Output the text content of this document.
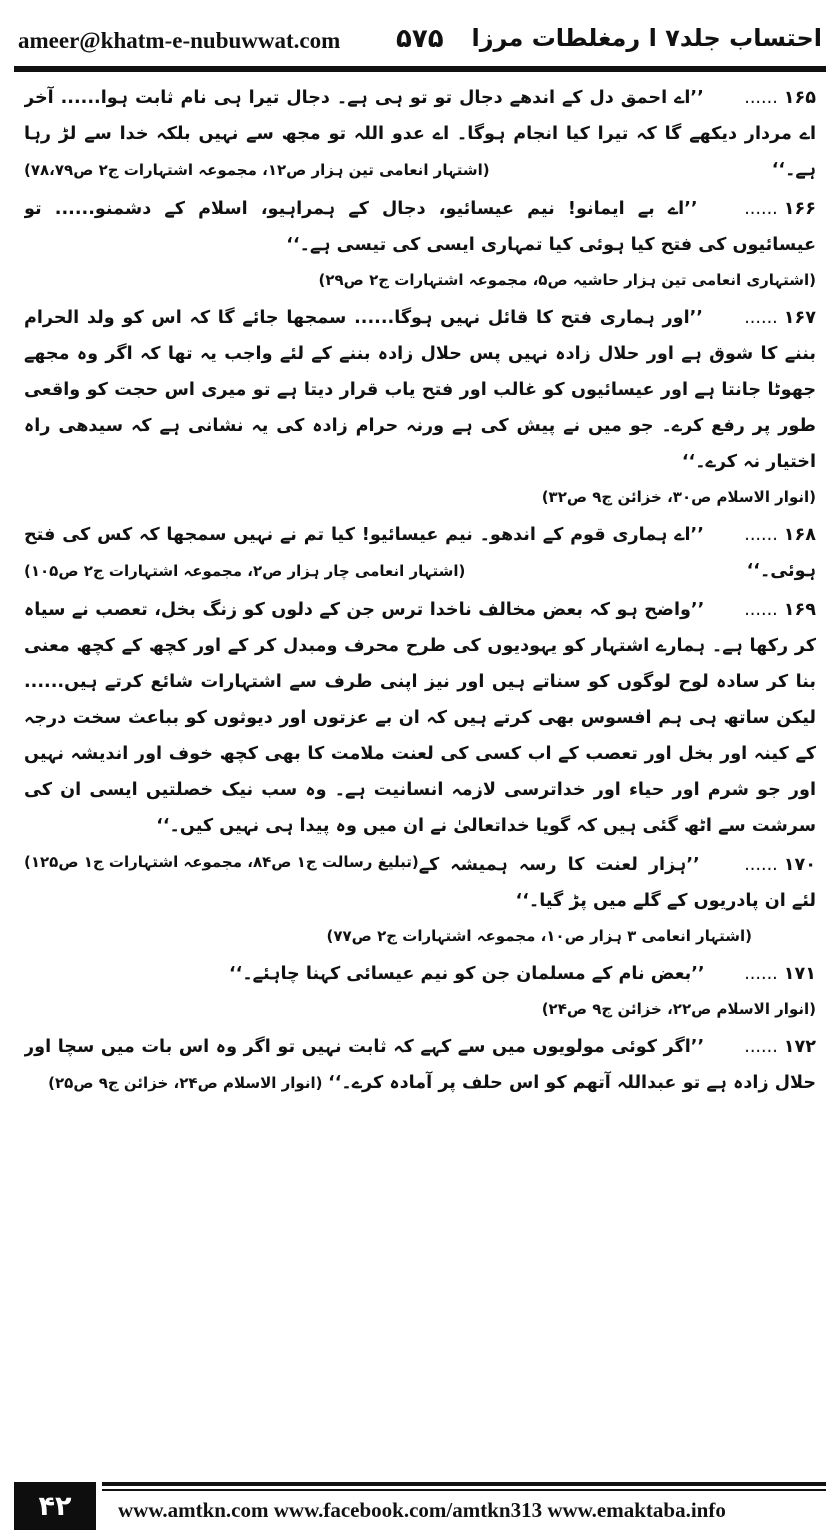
ameer@khatm-e-nubuwwat.com ۵۷۵ احتساب جلد۷ ا رمغلطات مرزا

۱۶۵...... ’’اے احمق دل کے اندھے دجال تو تو ہی ہے۔ دجال تیرا ہی نام ثابت ہوا...... آخر اے مردار دیکھے گا کہ تیرا کیا انجام ہوگا۔ اے عدو اللہ تو مجھ سے نہیں بلکہ خدا سے لڑ رہا ہے۔‘‘
(اشتہار انعامی تین ہزار ص۱۲، مجموعہ اشتہارات ج۲ ص۷۸،۷۹)

۱۶۶...... ’’اے بے ایمانو! نیم عیسائیو، دجال کے ہمراہیو، اسلام کے دشمنو...... تو عیسائیوں کی فتح کیا ہوئی کیا تمہاری ایسی کی تیسی ہے۔‘‘
(اشتہاری انعامی تین ہزار حاشیہ ص۵، مجموعہ اشتہارات ج۲ ص۲۹)

۱۶۷...... ’’اور ہماری فتح کا قائل نہیں ہوگا...... سمجھا جائے گا کہ اس کو ولد الحرام بننے کا شوق ہے اور حلال زادہ نہیں پس حلال زادہ بننے کے لئے واجب یہ تھا کہ اگر وہ مجھے جھوٹا جانتا ہے اور عیسائیوں کو غالب اور فتح یاب قرار دیتا ہے تو میری اس حجت کو واقعی طور پر رفع کرے۔ جو میں نے پیش کی ہے ورنہ حرام زادہ کی یہ نشانی ہے کہ سیدھی راہ اختیار نہ کرے۔‘‘
(انوار الاسلام ص۳۰، خزائن ج۹ ص۳۲)

۱۶۸...... ’’اے ہماری قوم کے اندھو۔ نیم عیسائیو! کیا تم نے نہیں سمجھا کہ کس کی فتح ہوئی۔‘‘
(اشتہار انعامی چار ہزار ص۲، مجموعہ اشتہارات ج۲ ص۱۰۵)

۱۶۹...... ’’واضح ہو کہ بعض مخالف ناخدا ترس جن کے دلوں کو زنگ بخل، تعصب نے سیاہ کر رکھا ہے۔ ہمارے اشتہار کو یہودیوں کی طرح محرف ومبدل کر کے اور کچھ کے کچھ معنی بنا کر سادہ لوح لوگوں کو سناتے ہیں اور نیز اپنی طرف سے اشتہارات شائع کرتے ہیں...... لیکن ساتھ ہی ہم افسوس بھی کرتے ہیں کہ ان بے عزتوں اور دیوثوں کو بباعث سخت درجہ کے کینہ اور بخل اور تعصب کے اب کسی کی لعنت ملامت کا بھی کچھ خوف اور اندیشہ نہیں اور جو شرم اور حیاء اور خداترسی لازمہ انسانیت ہے۔ وہ سب نیک خصلتیں ایسی ان کی سرشت سے اٹھ گئی ہیں کہ گویا خداتعالیٰ نے ان میں وہ پیدا ہی نہیں کیں۔‘‘
(تبلیغ رسالت ج۱ ص۸۴، مجموعہ اشتہارات ج۱ ص۱۲۵)	۱۷۰...... ’’ہزار لعنت کا رسہ ہمیشہ کے لئے ان پادریوں کے گلے میں پڑ گیا۔‘‘
(اشتہار انعامی ۳ ہزار ص۱۰، مجموعہ اشتہارات ج۲ ص۷۷)

۱۷۱...... ’’بعض نام کے مسلمان جن کو نیم عیسائی کہنا چاہئے۔‘‘
(انوار الاسلام ص۲۲، خزائن ج۹ ص۲۴)

۱۷۲...... ’’اگر کوئی مولویوں میں سے کہے کہ ثابت نہیں تو اگر وہ اس بات میں سچا اور حلال زادہ ہے تو عبداللہ آتھم کو اس حلف پر آمادہ کرے۔‘‘ (انوار الاسلام ص۲۴، خزائن ج۹ ص۲۵)

۴۲	www.amtkn.com www.facebook.com/amtkn313 www.emaktaba.info
